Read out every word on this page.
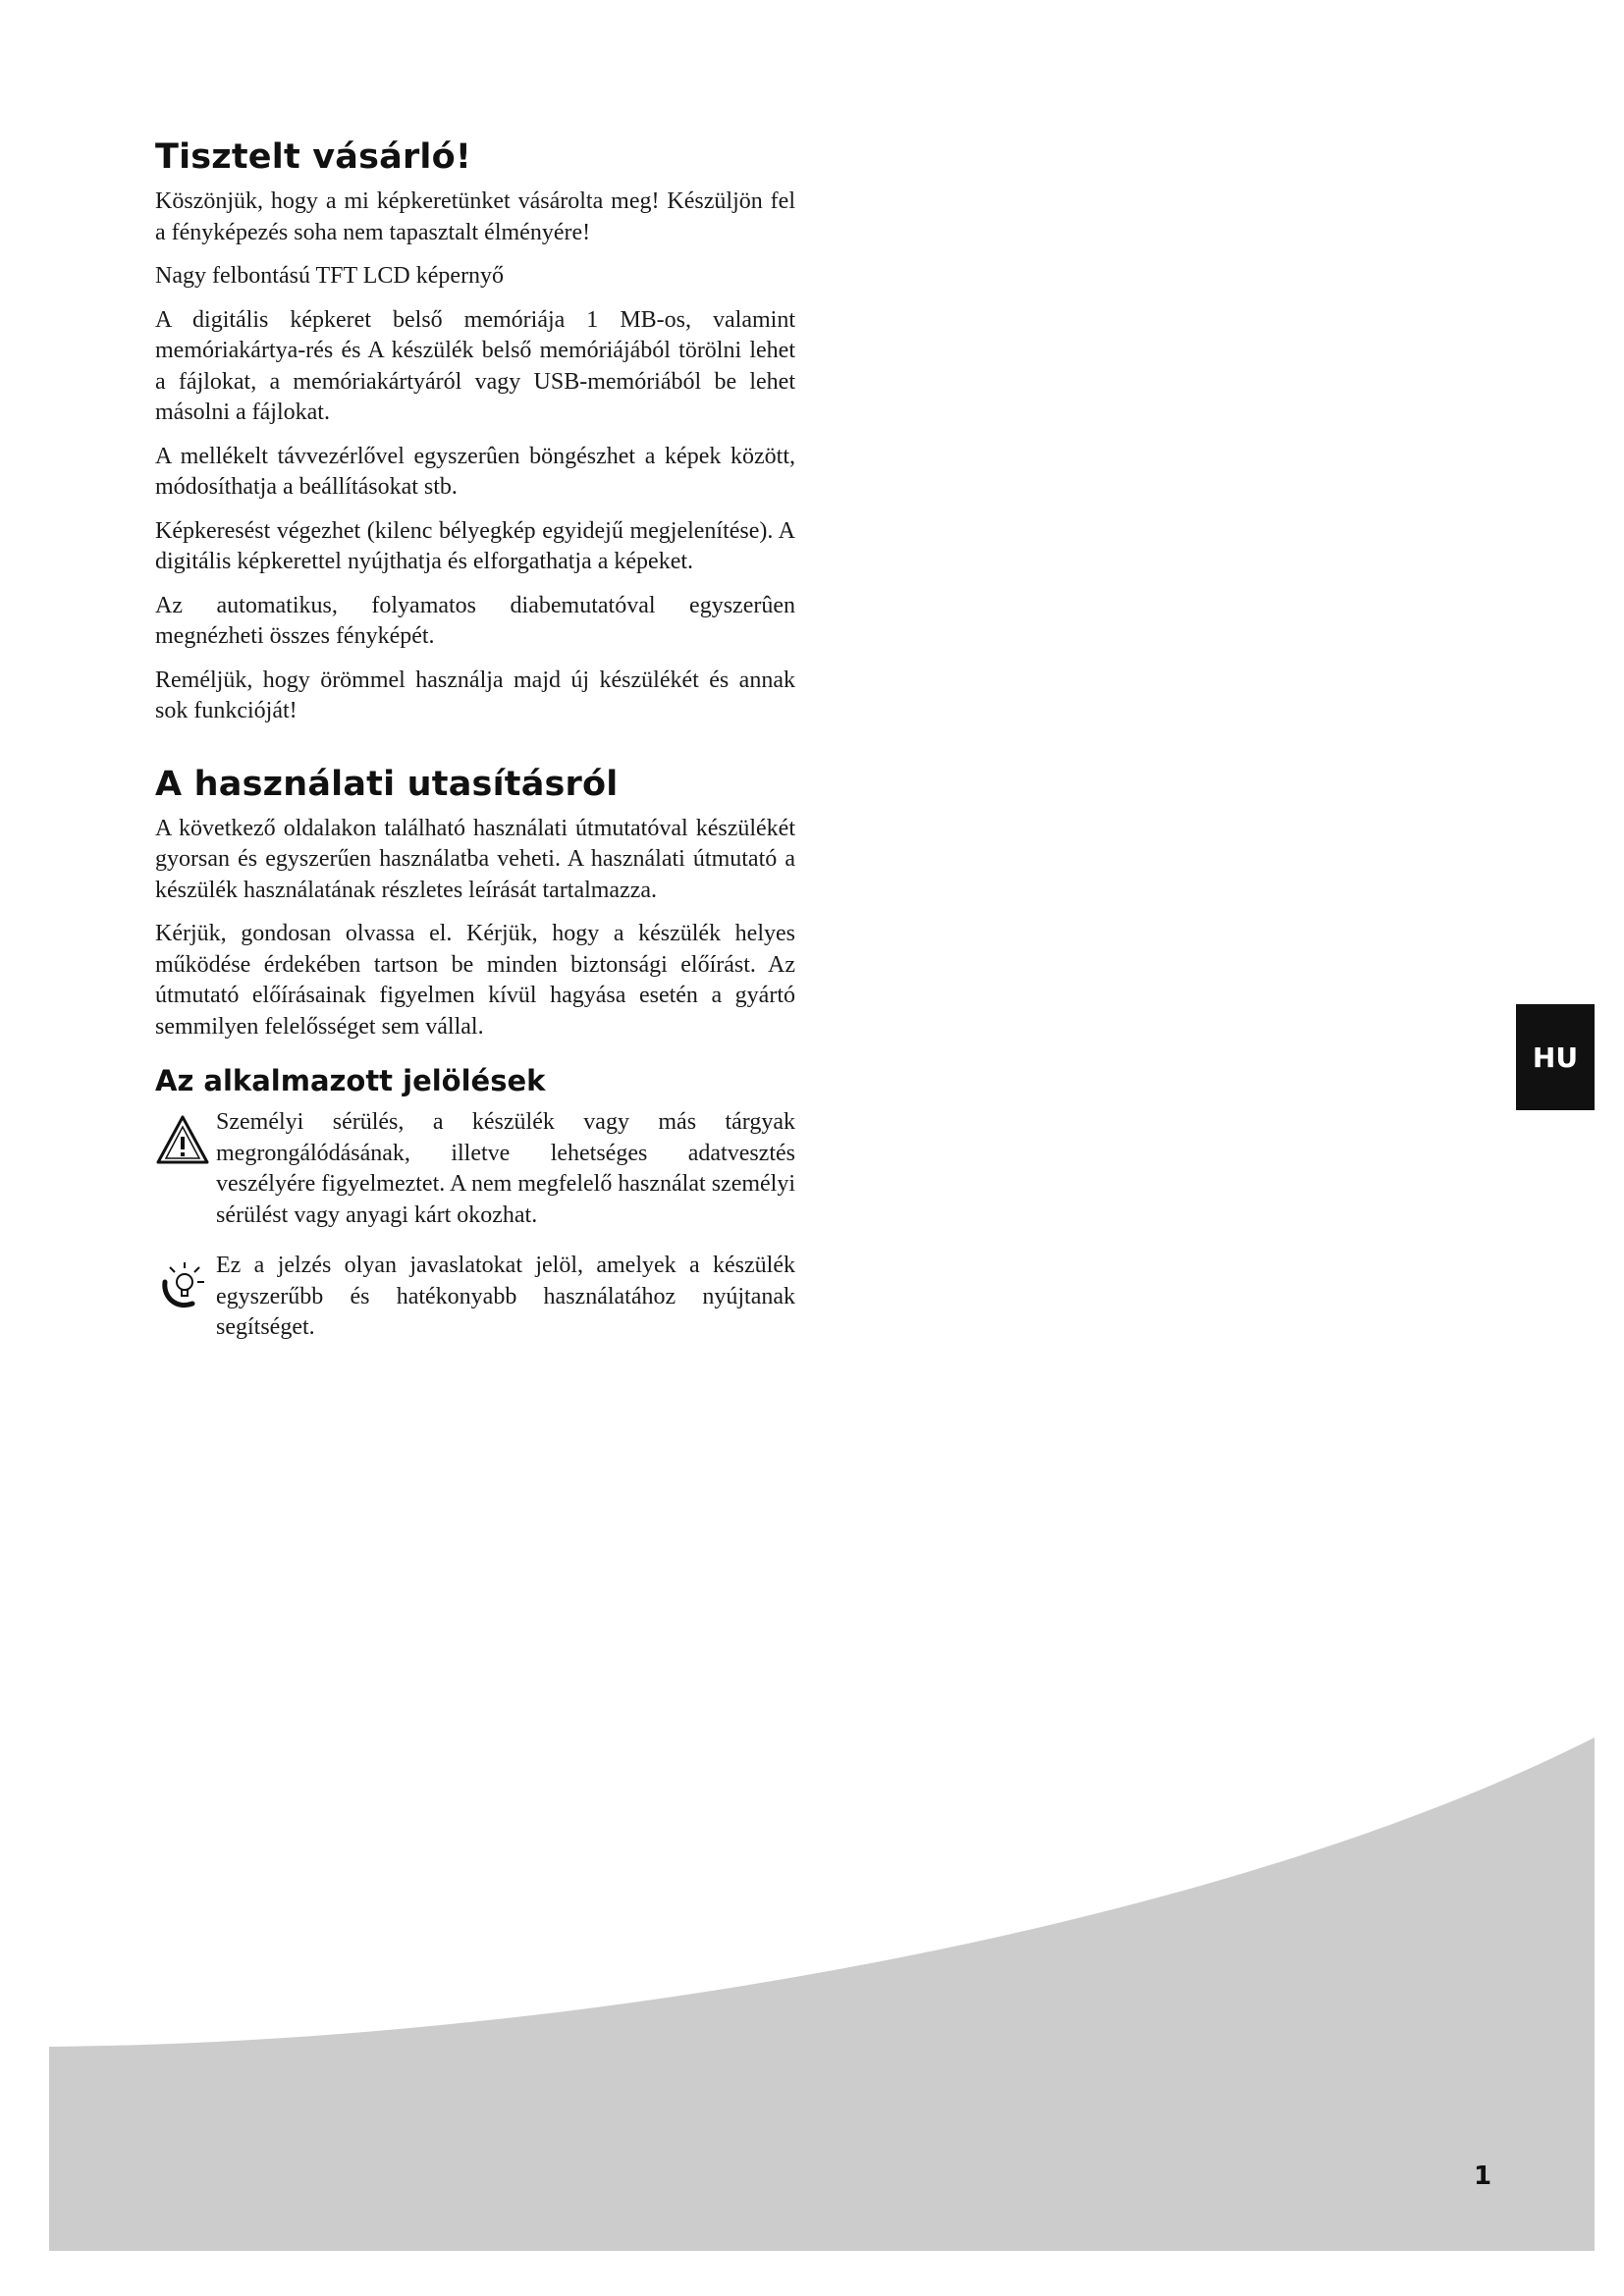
Tisztelt vásárló!

Köszönjük, hogy a mi képkeretünket vásárolta meg! Készüljön fel a fényképezés soha nem tapasztalt élményére!

Nagy felbontású TFT LCD képernyő

A digitális képkeret belső memóriája 1 MB-os, valamint memóriakártya-rés és A készülék belső memóriájából törölni lehet a fájlokat, a memóriakártyáról vagy USB-memóriából be lehet másolni a fájlokat.

A mellékelt távvezérlővel egyszerûen böngészhet a képek között, módosíthatja a beállításokat stb.

Képkeresést végezhet (kilenc bélyegkép egyidejű megjelenítése). A digitális képkerettel nyújthatja és elforgathatja a képeket.

Az automatikus, folyamatos diabemutatóval egyszerûen megnézheti összes fényképét.

Reméljük, hogy örömmel használja majd új készülékét és annak sok funkcióját!

A használati utasításról

A következő oldalakon található használati útmutatóval készülékét gyorsan és egyszerűen használatba veheti. A használati útmutató a készülék használatának részletes leírását tartalmazza.

Kérjük, gondosan olvassa el. Kérjük, hogy a készülék helyes működése érdekében tartson be minden biztonsági előírást. Az útmutató előírásainak figyelmen kívül hagyása esetén a gyártó semmilyen felelősséget sem vállal.

Az alkalmazott jelölések

Személyi sérülés, a készülék vagy más tárgyak megrongálódásának, illetve lehetséges adatvesztés veszélyére figyelmeztet. A nem megfelelő használat személyi sérülést vagy anyagi kárt okozhat.

Ez a jelzés olyan javaslatokat jelöl, amelyek a készülék egyszerűbb és hatékonyabb használatához nyújtanak segítséget.

HU
1
